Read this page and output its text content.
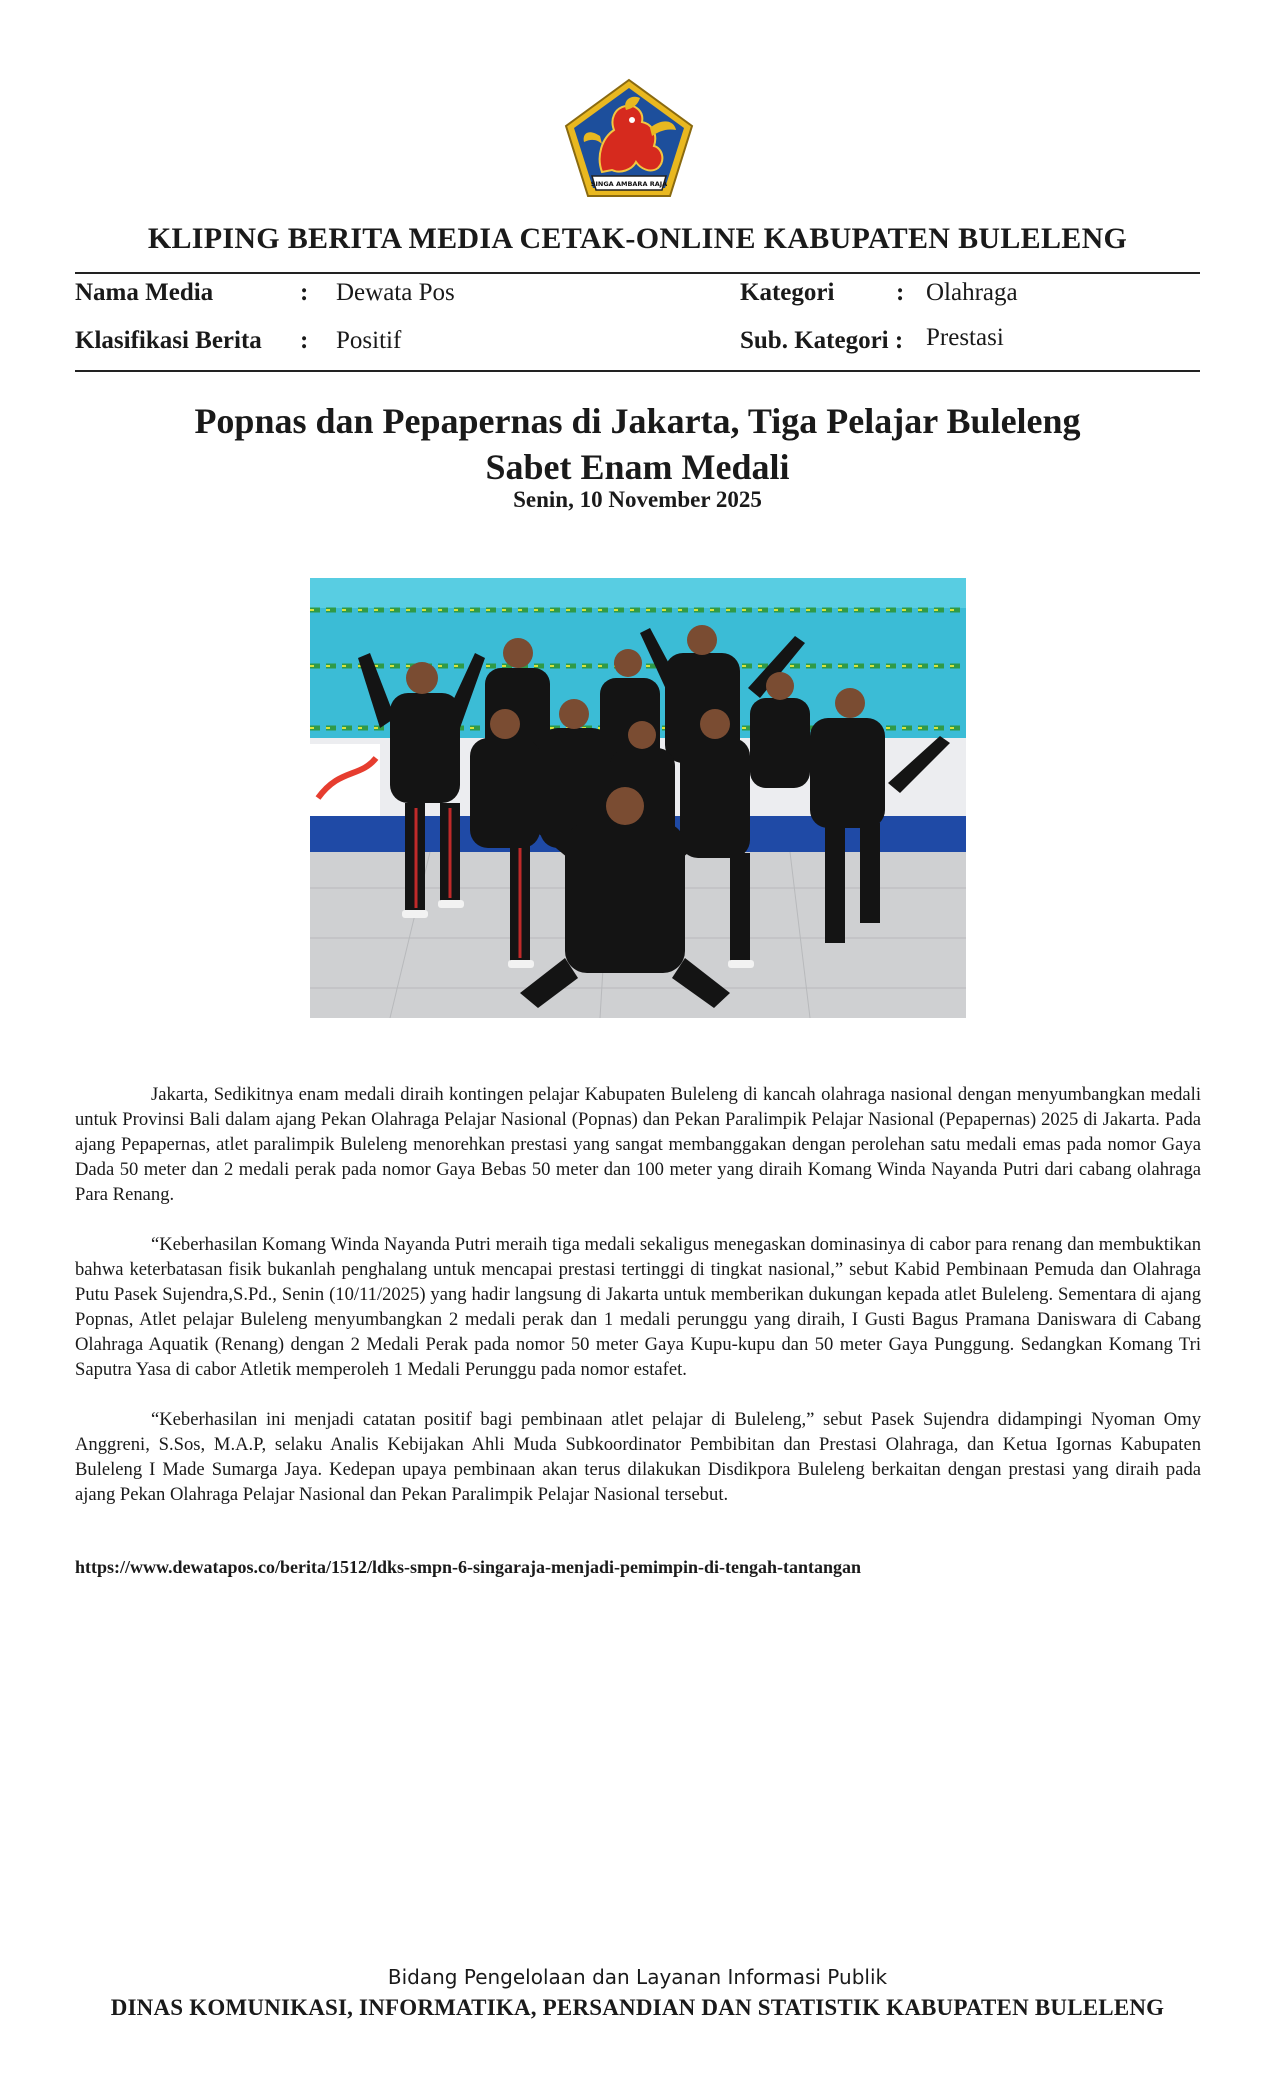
SINGA AMBARA RAJA
KLIPING BERITA MEDIA CETAK-ONLINE KABUPATEN BULELENG
Nama Media	: Dewata Pos	Kategori : Olahraga
Klasifikasi Berita : Positif	Sub. Kategori : Prestasi
Popnas dan Pepapernas di Jakarta, Tiga Pelajar Buleleng
Sabet Enam Medali
Senin, 10 November 2025

Jakarta, Sedikitnya enam medali diraih kontingen pelajar Kabupaten Buleleng di kancah olahraga nasional dengan menyumbangkan medali untuk Provinsi Bali dalam ajang Pekan Olahraga Pelajar Nasional (Popnas) dan Pekan Paralimpik Pelajar Nasional (Pepapernas) 2025 di Jakarta. Pada ajang Pepapernas, atlet paralimpik Buleleng menorehkan prestasi yang sangat membanggakan dengan perolehan satu medali emas pada nomor Gaya Dada 50 meter dan 2 medali perak pada nomor Gaya Bebas 50 meter dan 100 meter yang diraih Komang Winda Nayanda Putri dari cabang olahraga Para Renang.

“Keberhasilan Komang Winda Nayanda Putri meraih tiga medali sekaligus menegaskan dominasinya di cabor para renang dan membuktikan bahwa keterbatasan fisik bukanlah penghalang untuk mencapai prestasi tertinggi di tingkat nasional,” sebut Kabid Pembinaan Pemuda dan Olahraga Putu Pasek Sujendra,S.Pd., Senin (10/11/2025) yang hadir langsung di Jakarta untuk memberikan dukungan kepada atlet Buleleng. Sementara di ajang Popnas, Atlet pelajar Buleleng menyumbangkan 2 medali perak dan 1 medali perunggu yang diraih, I Gusti Bagus Pramana Daniswara di Cabang Olahraga Aquatik (Renang) dengan 2 Medali Perak pada nomor 50 meter Gaya Kupu-kupu dan 50 meter Gaya Punggung. Sedangkan Komang Tri Saputra Yasa di cabor Atletik memperoleh 1 Medali Perunggu pada nomor estafet.

“Keberhasilan ini menjadi catatan positif bagi pembinaan atlet pelajar di Buleleng,” sebut Pasek Sujendra didampingi Nyoman Omy Anggreni, S.Sos, M.A.P, selaku Analis Kebijakan Ahli Muda Subkoordinator Pembibitan dan Prestasi Olahraga, dan Ketua Igornas Kabupaten Buleleng I Made Sumarga Jaya. Kedepan upaya pembinaan akan terus dilakukan Disdikpora Buleleng berkaitan dengan prestasi yang diraih pada ajang Pekan Olahraga Pelajar Nasional dan Pekan Paralimpik Pelajar Nasional tersebut.

https://www.dewatapos.co/berita/1512/ldks-smpn-6-singaraja-menjadi-pemimpin-di-tengah-tantangan
Bidang Pengelolaan dan Layanan Informasi Publik
DINAS KOMUNIKASI, INFORMATIKA, PERSANDIAN DAN STATISTIK KABUPATEN BULELENG
